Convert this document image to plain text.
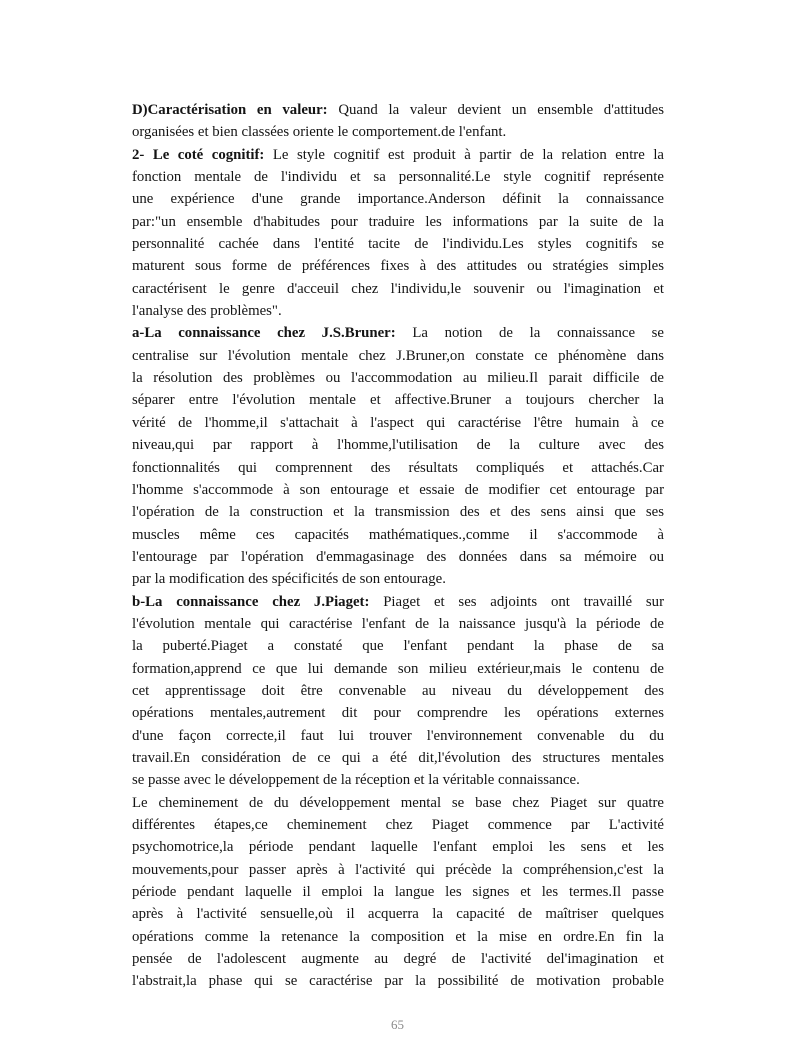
D)Caractérisation en valeur: Quand la valeur devient un ensemble d'attitudes
organisées et bien classées oriente le comportement.de l'enfant.
2- Le coté cognitif: Le style cognitif est produit à partir de la relation entre la
fonction mentale de l'individu et sa personnalité.Le style cognitif représente
une expérience d'une grande importance.Anderson définit la connaissance
par:"un ensemble d'habitudes pour traduire les informations par la suite de la
personnalité cachée dans l'entité tacite de l'individu.Les styles cognitifs se
maturent sous forme de préférences fixes à des attitudes ou stratégies simples
caractérisent le genre d'acceuil chez l'individu,le souvenir ou l'imagination et
l'analyse des problèmes".
a-La connaissance chez J.S.Bruner: La notion de la connaissance se
centralise sur l'évolution mentale chez J.Bruner,on constate ce phénomène dans
la résolution des problèmes ou l'accommodation au milieu.Il parait difficile de
séparer entre l'évolution mentale et affective.Bruner a toujours chercher la
vérité de l'homme,il s'attachait à l'aspect qui caractérise l'être humain à ce
niveau,qui par rapport à l'homme,l'utilisation de la culture avec des
fonctionnalités qui comprennent des résultats compliqués et attachés.Car
l'homme s'accommode à son entourage et essaie de modifier cet entourage par
l'opération de la construction et la transmission des et des sens ainsi que ses
muscles même ces capacités mathématiques.,comme il s'accommode à
l'entourage par l'opération d'emmagasinage des données dans sa mémoire ou
par la modification des spécificités de son entourage.
b-La connaissance chez J.Piaget: Piaget et ses adjoints ont travaillé sur
l'évolution mentale qui caractérise l'enfant de la naissance jusqu'à la période de
la puberté.Piaget a constaté que l'enfant pendant la phase de sa
formation,apprend ce que lui demande son milieu extérieur,mais le contenu de
cet apprentissage doit être convenable au niveau du développement des
opérations mentales,autrement dit pour comprendre les opérations externes
d'une façon correcte,il faut lui trouver l'environnement convenable du du
travail.En considération de ce qui a été dit,l'évolution des structures mentales
se passe avec le développement de la réception et la véritable connaissance.
Le cheminement de du développement mental se base chez Piaget sur quatre
différentes étapes,ce cheminement chez Piaget commence par L'activité
psychomotrice,la période pendant laquelle l'enfant emploi les sens et les
mouvements,pour passer après à l'activité qui précède la compréhension,c'est la
période pendant laquelle il emploi la langue les signes et les termes.Il passe
après à l'activité sensuelle,où il acquerra la capacité de maîtriser quelques
opérations comme la retenance la composition et la mise en ordre.En fin la
pensée de l'adolescent augmente au degré de l'activité del'imagination et
l'abstrait,la phase qui se caractérise par la possibilité de motivation probable
65
